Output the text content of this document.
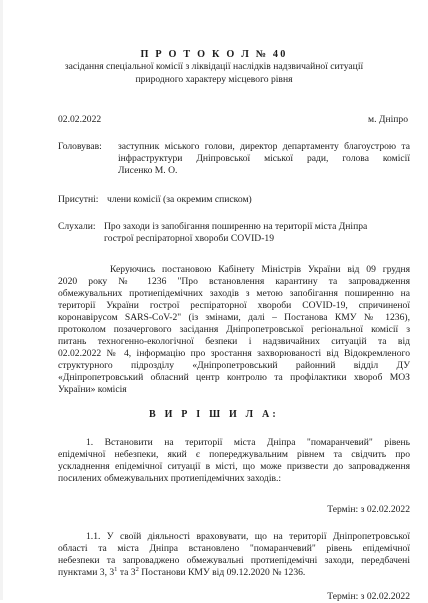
П Р О Т О К О Л № 40
засідання спеціальної комісії з ліквідації наслідків надзвичайної ситуації
природного характеру місцевого рівня
02.02.2022	м. Дніпро
Головував: заступник міського голови, директор департаменту благоустрою та
інфраструктури Дніпровської міської ради, голова комісії
Лисенко М. О.
Присутні: члени комісії (за окремим списком)
Слухали: Про заходи із запобігання поширенню на території міста Дніпра
гострої респіраторної хвороби COVID-19
Керуючись постановою Кабінету Міністрів України від 09 грудня
2020 року № 1236 "Про встановлення карантину та запровадження
обмежувальних протиепідемічних заходів з метою запобігання поширенню на
території України гострої респіраторної хвороби COVID-19, спричиненої
коронавірусом SARS-CoV-2" (із змінами, далі – Постанова КМУ № 1236),
протоколом позачергового засідання Дніпропетровської регіональної комісії з
питань техногенно-екологічної безпеки і надзвичайних ситуацій та від
02.02.2022 № 4, інформацію про зростання захворюваності від Відокремленого
структурного підрозділу «Дніпропетровський районний відділ ДУ
«Дніпропетровський обласний центр контролю та профілактики хвороб МОЗ
України» комісія
В И Р І Ш И Л А:
1. Встановити на території міста Дніпра "помаранчевий" рівень
епідемічної небезпеки, який є попереджувальним рівнем та свідчить про
ускладнення епідемічної ситуації в місті, що може призвести до запровадження
посилених обмежувальних протиепідемічних заходів.:
Термін: з 02.02.2022
1.1. У своїй діяльності враховувати, що на території Дніпропетровської
області та міста Дніпра встановлено "помаранчевий" рівень епідемічної
небезпеки та запроваджено обмежувальні протиепідемічні заходи, передбачені
пунктами 3, $3^1$ та $3^2$ Постанови КМУ від 09.12.2020 № 1236.
Термін: з 02.02.2022
